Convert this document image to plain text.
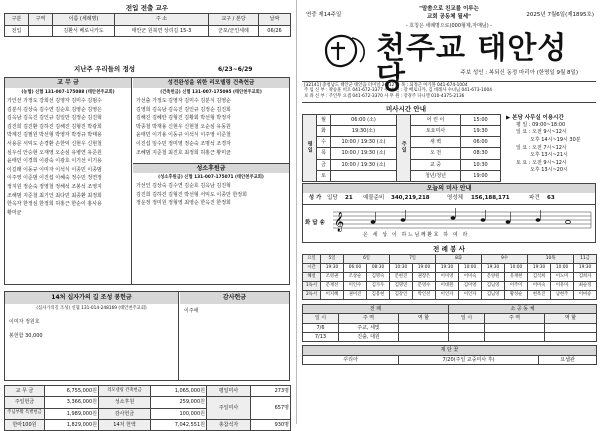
전입 전출 교우
구분	구역	이름 (세례명)	주 소	교구 / 본당	날짜
전입		김환서 베로니카도	태안군 원북면 상리길 15-3	군포/군인세례	06/26
지난주 우리들의 정성	6/23~6/29
교 무 금
(농협) 신협 131-007-175088 (태안천주교회)
가인선 가정도 강희선 김영자 김미수 김범수
김분식 김상숙 김수연 김순호 김영순 김영은
김옥남 김옥진 김인규 김일만 김정순 김진혁
김진희 김진환 김하진 김해진 김형진 박광희
박계진 김필원 박선형 박영자 박정규 박태용
서용문 서익도 손경환 손한익 신현우 신현철
심우석 안승현 오재영 오순심 유병연 유준원
윤태민 이경희 이광숙 이광호 이기선 이기용
이길래 이동규 이미자 이석식 이종민 이종범
이주영 이준범 이진섭 이혜숙 정수민 정연정
정지원 정순숙 정영철 정해석 조봉석 조영지
조해범 지준철 최기인 최다민 최종환 최정희
한옥자 한정심 한정희 허홍근 한순이 홍사용
황미균
성전완성을 위한 리모델링 건축헌금
(건축헌금) 신협 131-007-175095 (태안천주교회)
가선출 가정도 김영자 김미수 김분식 김영순
김영희 김옥남 김옥진 김인규 김정순 김진희
김해진 김혜란 김형진 김황회 박선형 박정자
박종철 박재용 신현우 신현철 오순심 유동원
윤태민 이기용 이동규 이석식 이주영 이준철
이진섭 임수민 정미영 정순숙 조명석 조경자
조혜범 지준철 최진호 최정희 허홍근 황미균
성소후원금
(성소후원금) 신협 131-007-175071 (태안천주교회)
가선인 김상숙 김수연 김순호 김옥남 김진혁
김진희 김하진 김형진 박선형 서익도 이종만 한정희
정운정 정미원 정형영 최영순 한옥진 한정희
14처 십자가의 길 조성 봉헌금
(십자가의길 조성) 신협 131-014-248169 (태안천주교회)
이미자 정원호
봉헌함 30,000
감사헌금
이주애
교 무 금	6,755,000원	리모델링 건축헌금	1,065,000원	평일미사	273명
주일헌금	3,366,000원	성소후원	259,000원	주일미사	657명
주님부활 특별헌금	1,989,000원	감사헌금	100,000원		
한마100원	1,829,000원	14처 헌액	7,042,551원	총참석자	930명
연중 제14주일
"말씀으로 친교를 이루는
교회 공동체 될세"	2025년 7월6일(제1895호)
- 호칭은 세례명으로(000형제,자매님) -
천주교 태안성당	주보 성인 : 복되신 동정 마리아 (한명일 9월 8일)
[32141] 충청남도 태안군 태안읍 터미널 26-12 사 목 : 되정근 아가볼 041-674-1004
주 임 신 부 : 곽승훈 비오 041-672-3377 수 녀 원 : 강 베로니카, 김 데레사 수녀님 041-673-1004
보 좌 신 부 : 주인무 요셉 041-672-3370 사 무 원 : 장경주 다니엘 010-4375-2136
미사시간 안내
평일	월	06:00 (소)	주일	어 린 이	15:00
	화	19:30(소)		토요미사	19:30
	수	10:00 / 19:30 (소)		새 벽	06:00
	목	10:00 / 19:30 (소)		오 전	08:30
	금	10:00 / 19:30 (소)		교 중	10:30
	토			청년/청년	19:00
▶ 본당 사무실 이용시간
평 일 : 09:00~18:00
일 요 : 오전 9시~12시
오후 14시~19시 30분
일 요 : 오전 7시~12시
오후 13시~21시
토 요 : 오전 9시~12시
오후 13시~20시
오늘의 미사 안내
성 가	입당	21	예물준비	340,219,218	영성체	156,188,171	파견	63
화 답 송 𝄞
온 세 상 이 하느님께환호 하 여 라
전 례 봉 사
요일	5일	6일		7일		8화		9수		10목		11금
시간	19:30	06:00	08:30	10:30	19:00	19:30	10:00	19:30	10:00	19:30	10:00	19:30
해설	조영권	조상순	김명숙	문현진	권장은	이미영	이미숙	문양원	유재현	김석희	이노미	김희자
1독서	문재선	이인수	김가우	김명연	문영수	이대원	김미영	김님영	이주이	이미숙	이유미	최순정
2독서	이지혜	권미진	김용현	김강인	박인선	이인자	이인자	김님영	황성순	현옥진	남현주	이마승
전 례			소 공 동 체		
일 시	주 역	역 할	일 시	주 역	역 할
7/6	주교, 세빛				
7/13	진출, 대원				
제 단 꽃
꾸리아	7/20(주일 교중미사 후)	요셉관
